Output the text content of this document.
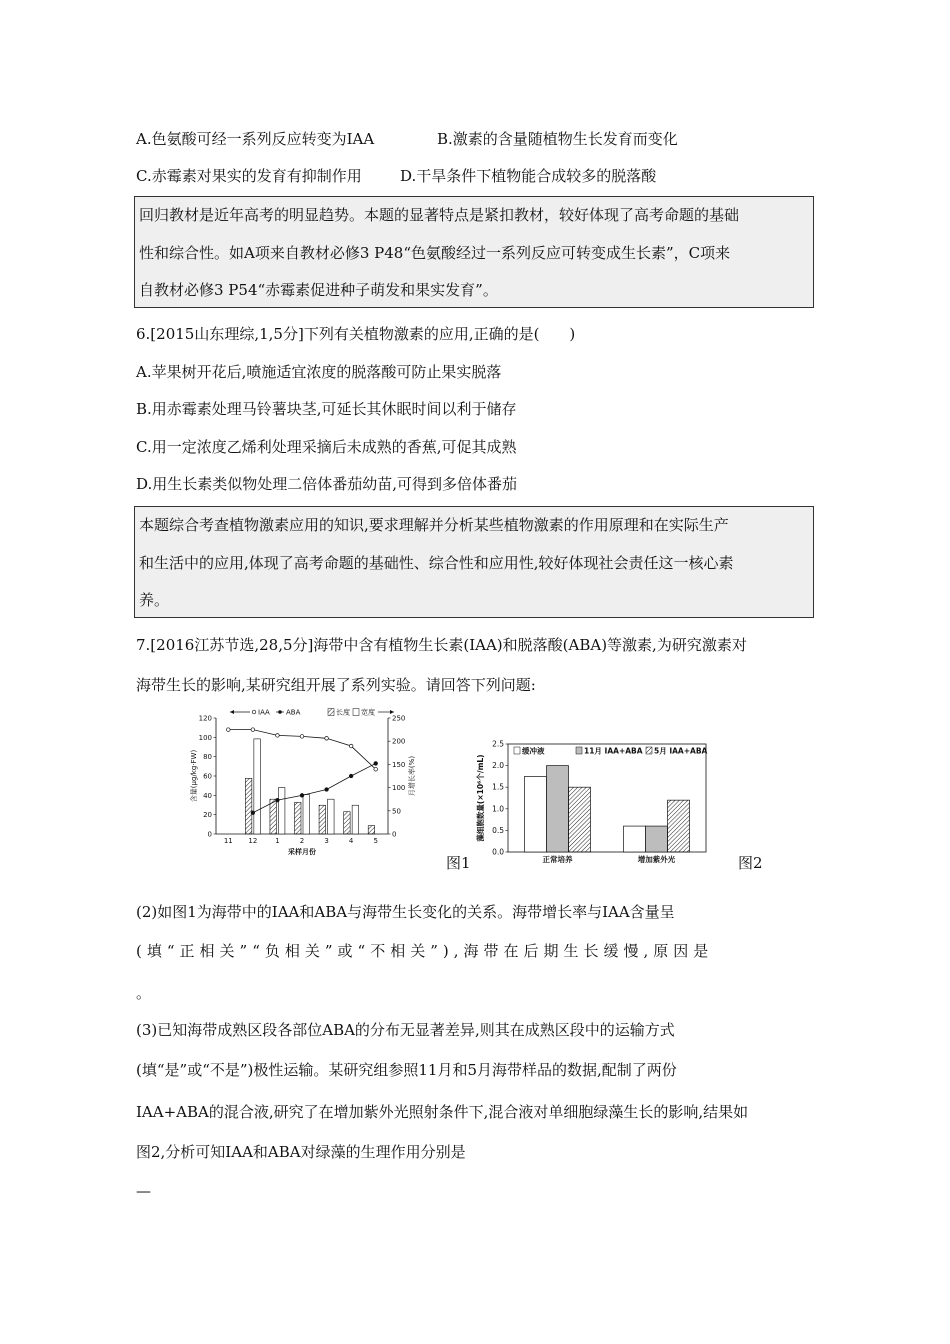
A.色氨酸可经一系列反应转变为IAA	B.激素的含量随植物生长发育而变化
C.赤霉素对果实的发育有抑制作用	D.干旱条件下植物能合成较多的脱落酸
回归教材是近年高考的明显趋势。本题的显著特点是紧扣教材，较好体现了高考命题的基础
性和综合性。如A项来自教材必修3 P48“色氨酸经过一系列反应可转变成生长素”，C项来
自教材必修3 P54“赤霉素促进种子萌发和果实发育”。
6.[2015山东理综,1,5分]下列有关植物激素的应用,正确的是(　　)
A.苹果树开花后,喷施适宜浓度的脱落酸可防止果实脱落
B.用赤霉素处理马铃薯块茎,可延长其休眠时间以利于储存
C.用一定浓度乙烯利处理采摘后未成熟的香蕉,可促其成熟
D.用生长素类似物处理二倍体番茄幼苗,可得到多倍体番茄
本题综合考查植物激素应用的知识,要求理解并分析某些植物激素的作用原理和在实际生产
和生活中的应用,体现了高考命题的基础性、综合性和应用性,较好体现社会责任这一核心素
养。
7.[2016江苏节选,28,5分]海带中含有植物生长素(IAA)和脱落酸(ABA)等激素,为研究激素对
海带生长的影响,某研究组开展了系列实验。请回答下列问题:
0
20
40
60
80
100
120
0
50
100
150
200
250
11 12	1	2	3	4	5
采样月份
含量(μg/kg·FW)	月增长率(%)
IAA ABA	长度 宽度
图1
0.0
0.5
1.0
1.5
2.0
2.5
藻细胞数量(×10⁶个/mL)
正常培养	增加紫外光
缓冲液	11月 IAA+ABA 5月 IAA+ABA
图2
(2)如图1为海带中的IAA和ABA与海带生长变化的关系。海带增长率与IAA含量呈
(填“正相关”“负相关”或“不相关”),海带在后期生长缓慢,原因是
。
(3)已知海带成熟区段各部位ABA的分布无显著差异,则其在成熟区段中的运输方式
(填“是”或“不是”)极性运输。某研究组参照11月和5月海带样品的数据,配制了两份
IAA+ABA的混合液,研究了在增加紫外光照射条件下,混合液对单细胞绿藻生长的影响,结果如
图2,分析可知IAA和ABA对绿藻的生理作用分别是
—
